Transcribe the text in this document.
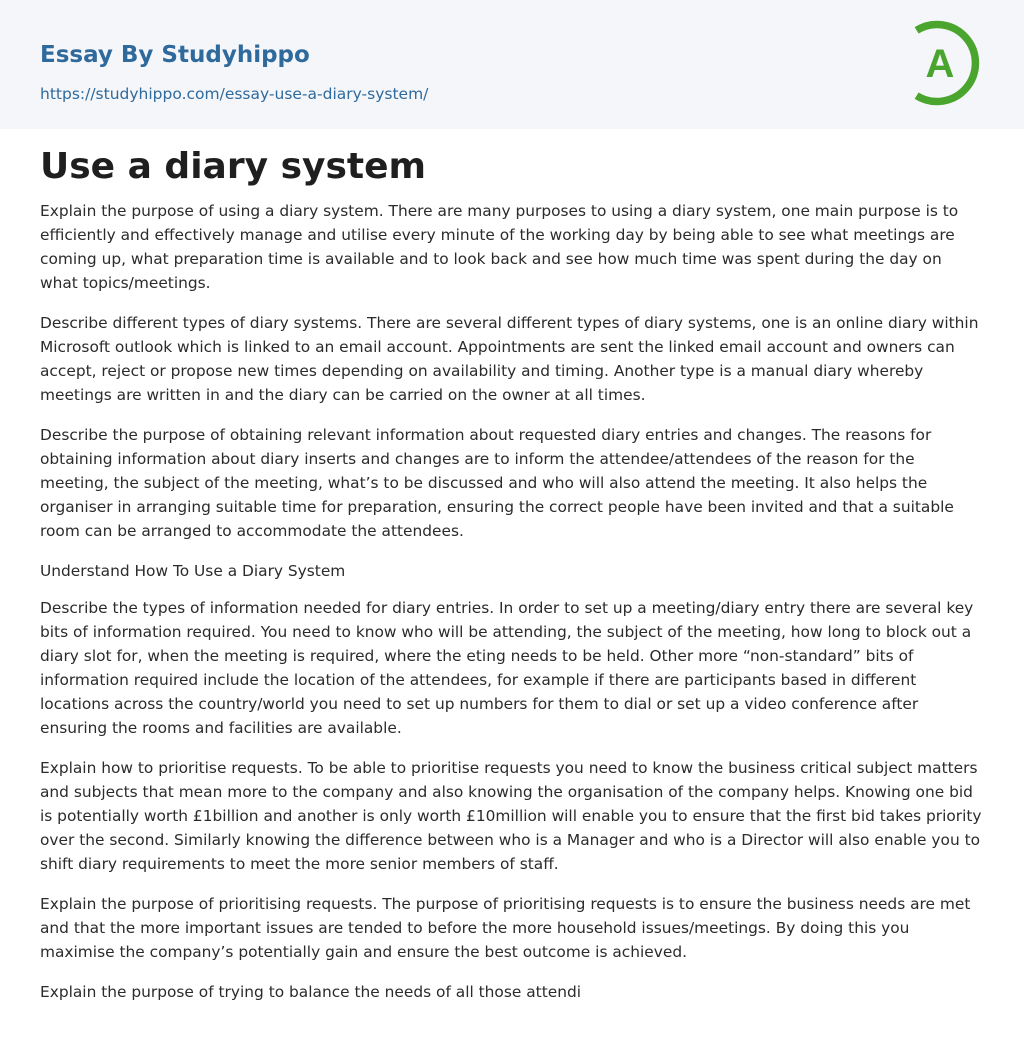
Essay By Studyhippo
https://studyhippo.com/essay-use-a-diary-system/
A
Use a diary system

Explain the purpose of using a diary system. There are many purposes to using a diary system, one main purpose is to efficiently and effectively manage and utilise every minute of the working day by being able to see what meetings are coming up, what preparation time is available and to look back and see how much time was spent during the day on what topics/meetings.

Describe different types of diary systems. There are several different types of diary systems, one is an online diary within Microsoft outlook which is linked to an email account. Appointments are sent the linked email account and owners can accept, reject or propose new times depending on availability and timing. Another type is a manual diary whereby meetings are written in and the diary can be carried on the owner at all times.

Describe the purpose of obtaining relevant information about requested diary entries and changes. The reasons for obtaining information about diary inserts and changes are to inform the attendee/attendees of the reason for the meeting, the subject of the meeting, what’s to be discussed and who will also attend the meeting. It also helps the organiser in arranging suitable time for preparation, ensuring the correct people have been invited and that a suitable room can be arranged to accommodate the attendees.

Understand How To Use a Diary System

Describe the types of information needed for diary entries. In order to set up a meeting/diary entry there are several key bits of information required. You need to know who will be attending, the subject of the meeting, how long to block out a diary slot for, when the meeting is required, where the eting needs to be held. Other more “non-standard” bits of information required include the location of the attendees, for example if there are participants based in different locations across the country/world you need to set up numbers for them to dial or set up a video conference after ensuring the rooms and facilities are available.

Explain how to prioritise requests. To be able to prioritise requests you need to know the business critical subject matters and subjects that mean more to the company and also knowing the organisation of the company helps. Knowing one bid is potentially worth £1billion and another is only worth £10million will enable you to ensure that the first bid takes priority over the second. Similarly knowing the difference between who is a Manager and who is a Director will also enable you to shift diary requirements to meet the more senior members of staff.

Explain the purpose of prioritising requests. The purpose of prioritising requests is to ensure the business needs are met and that the more important issues are tended to before the more household issues/meetings. By doing this you maximise the company’s potentially gain and ensure the best outcome is achieved.

Explain the purpose of trying to balance the needs of all those attendi
